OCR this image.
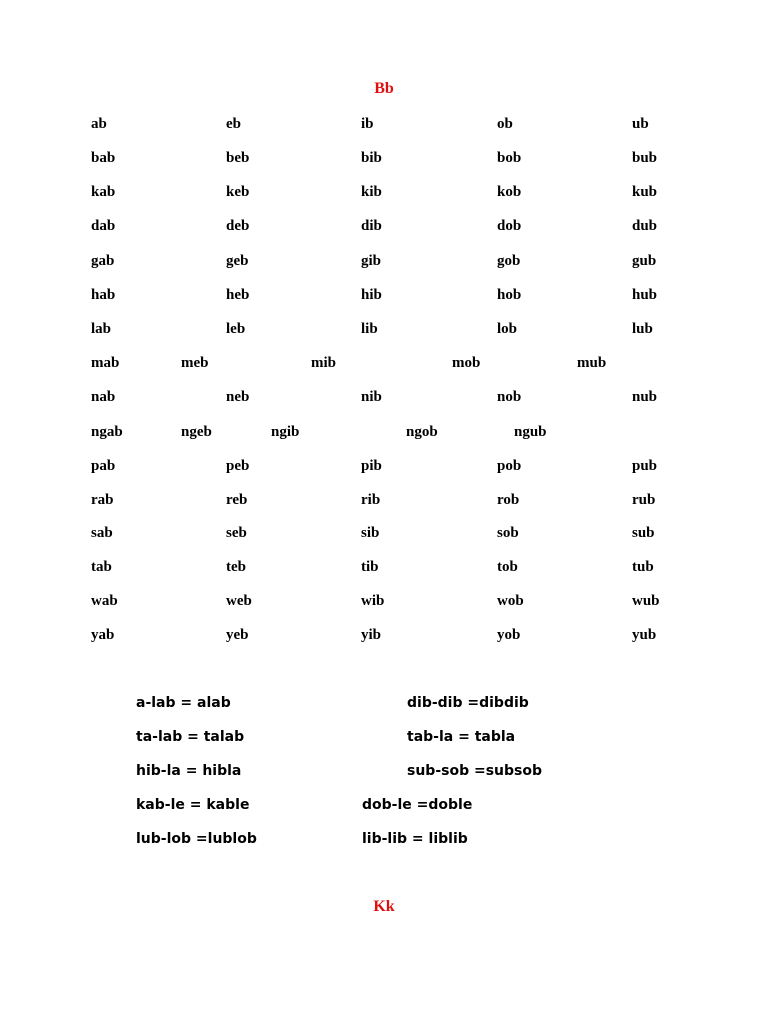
Bb
ab	eb	ib	ob	ub
bab	beb	bib	bob	bub
kab	keb	kib	kob	kub
dab	deb	dib	dob	dub
gab	geb	gib	gob	gub
hab	heb	hib	hob	hub
lab	leb	lib	lob	lub
mab	meb	mib	mob	mub
nab	neb	nib	nob	nub
ngab	ngeb	ngib	ngob	ngub
pab	peb	pib	pob	pub
rab	reb	rib	rob	rub
sab	seb	sib	sob	sub
tab	teb	tib	tob	tub
wab	web	wib	wob	wub
yab	yeb	yib	yob	yub
a-lab = alab	dib-dib =dibdib
ta-lab = talab	tab-la = tabla
hib-la = hibla	sub-sob =subsob
kab-le = kable	dob-le =doble
lub-lob =lublob	lib-lib = liblib
Kk
